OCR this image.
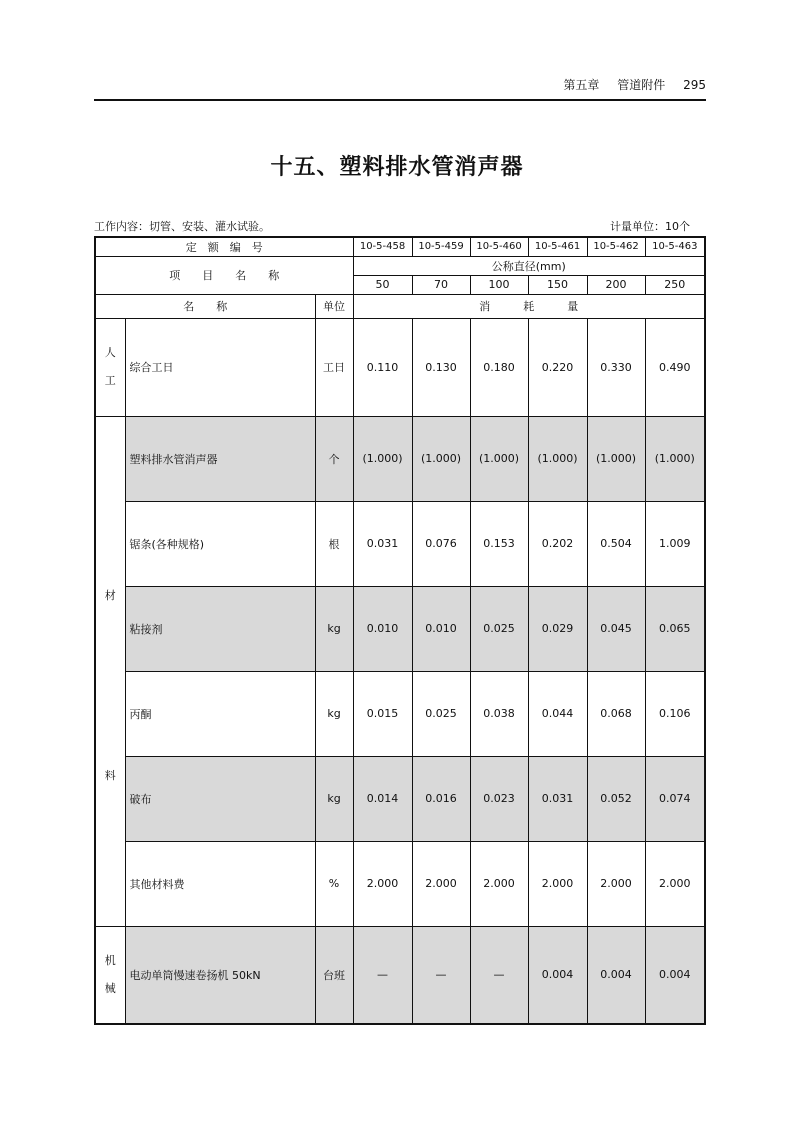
第五章 管道附件 295
十五、塑料排水管消声器
工作内容：切管、安装、灌水试验。	计量单位：10个
定　额　编　号			10-5-458	10-5-459	10-5-460	10-5-461	10-5-462	10-5-463
项　　目　　名　　称			公称直径(mm)					
			50	70	100	150	200	250
名　　称		单位	消　　　耗　　　量					

人
工	综合工日	工日	0.110	0.130	0.180	0.220	0.330	0.490

材
料	塑料排水管消声器	个	(1.000)	(1.000)	(1.000)	(1.000)	(1.000)	(1.000)
	锯条(各种规格)	根	0.031	0.076	0.153	0.202	0.504	1.009
	粘接剂	kg	0.010	0.010	0.025	0.029	0.045	0.065
	丙酮	kg	0.015	0.025	0.038	0.044	0.068	0.106
	破布	kg	0.014	0.016	0.023	0.031	0.052	0.074
	其他材料费	%	2.000	2.000	2.000	2.000	2.000	2.000

机
械	电动单筒慢速卷扬机 50kN	台班	—	—	—	0.004	0.004	0.004
